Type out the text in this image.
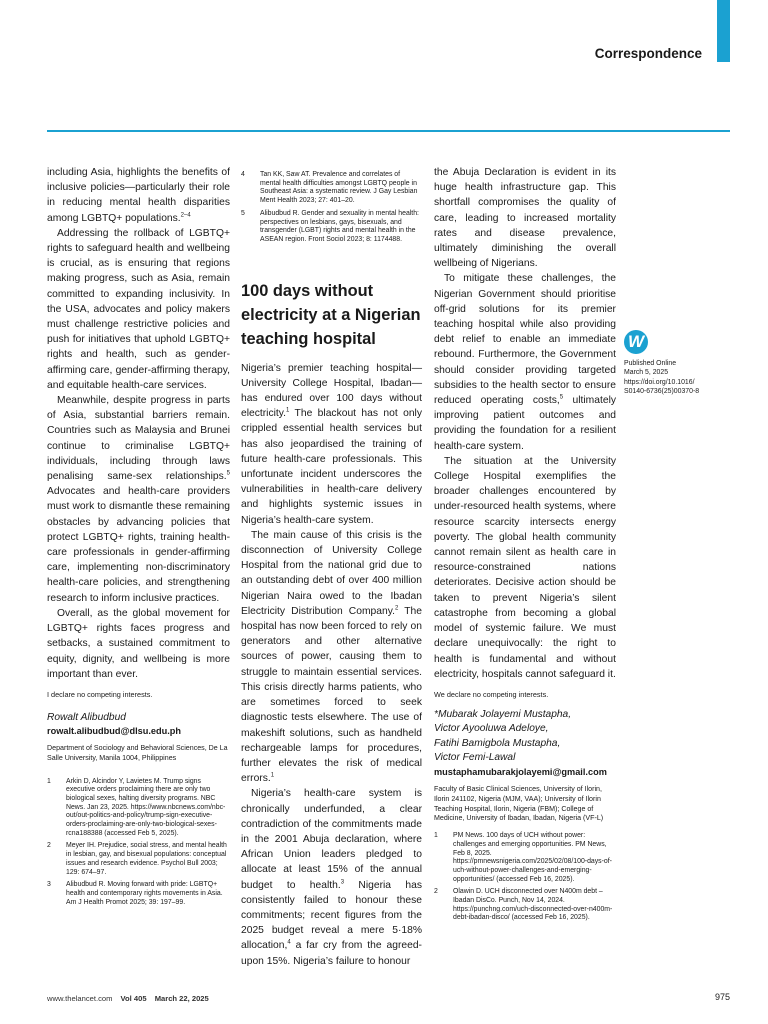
Correspondence

including Asia, highlights the benefits of inclusive policies—particularly their role in reducing mental health disparities among LGBTQ+ populations.$^{2-4}$

Addressing the rollback of LGBTQ+ rights to safeguard health and wellbeing is crucial, as is ensuring that regions making progress, such as Asia, remain committed to expanding inclusivity. In the USA, advocates and policy makers must challenge restrictive policies and push for initiatives that uphold LGBTQ+ rights and health, such as gender-affirming care, gender-affirming therapy, and equitable health-care services.

Meanwhile, despite progress in parts of Asia, substantial barriers remain. Countries such as Malaysia and Brunei continue to criminalise LGBTQ+ individuals, including through laws penalising same-sex relationships.$^5$ Advocates and health-care providers must work to dismantle these remaining obstacles by advancing policies that protect LGBTQ+ rights, training health-care professionals in gender-affirming care, implementing non-discriminatory health-care policies, and strengthening research to inform inclusive practices.

Overall, as the global movement for LGBTQ+ rights faces progress and setbacks, a sustained commitment to equity, dignity, and wellbeing is more important than ever.

I declare no competing interests.

Rowalt Alibudbud

rowalt.alibudbud@dlsu.edu.ph

Department of Sociology and Behavioral Sciences, De La Salle University, Manila 1004, Philippines

1 Arkin D, Alcindor Y, Lavietes M. Trump signs executive orders proclaiming there are only two biological sexes, halting diversity programs. NBC News. Jan 23, 2025. https://www.nbcnews.com/nbc-out/out-politics-and-policy/trump-sign-executive-orders-proclaiming-are-only-two-biological-sexes-rcna188388 (accessed Feb 5, 2025).
2 Meyer IH. Prejudice, social stress, and mental health in lesbian, gay, and bisexual populations: conceptual issues and research evidence. Psychol Bull 2003; 129: 674–97.
3 Alibudbud R. Moving forward with pride: LGBTQ+ health and contemporary rights movements in Asia. Am J Health Promot 2025; 39: 197–99.
4 Tan KK, Saw AT. Prevalence and correlates of mental health difficulties amongst LGBTQ people in Southeast Asia: a systematic review. J Gay Lesbian Ment Health 2023; 27: 401–20.
5 Alibudbud R. Gender and sexuality in mental health: perspectives on lesbians, gays, bisexuals, and transgender (LGBT) rights and mental health in the ASEAN region. Front Sociol 2023; 8: 1174488.
100 days without electricity at a Nigerian teaching hospital

Nigeria’s premier teaching hospital—University College Hospital, Ibadan—has endured over 100 days without electricity.$^1$ The blackout has not only crippled essential health services but has also jeopardised the training of future health-care professionals. This unfortunate incident underscores the vulnerabilities in health-care delivery and highlights systemic issues in Nigeria’s health-care system.

The main cause of this crisis is the disconnection of University College Hospital from the national grid due to an outstanding debt of over 400 million Nigerian Naira owed to the Ibadan Electricity Distribution Company.$^2$ The hospital has now been forced to rely on generators and other alternative sources of power, causing them to struggle to maintain essential services. This crisis directly harms patients, who are sometimes forced to seek diagnostic tests elsewhere. The use of makeshift solutions, such as handheld rechargeable lamps for procedures, further elevates the risk of medical errors.$^1$

Nigeria’s health-care system is chronically underfunded, a clear contradiction of the commitments made in the 2001 Abuja declaration, where African Union leaders pledged to allocate at least 15% of the annual budget to health.$^3$ Nigeria has consistently failed to honour these commitments; recent figures from the 2025 budget reveal a mere 5·18% allocation,$^4$ a far cry from the agreed-upon 15%. Nigeria’s failure to honour

the Abuja Declaration is evident in its huge health infrastructure gap. This shortfall compromises the quality of care, leading to increased mortality rates and disease prevalence, ultimately diminishing the overall wellbeing of Nigerians.

To mitigate these challenges, the Nigerian Government should prioritise off-grid solutions for its premier teaching hospital while also providing debt relief to enable an immediate rebound. Furthermore, the Government should consider providing targeted subsidies to the health sector to ensure reduced operating costs,$^5$ ultimately improving patient outcomes and providing the foundation for a resilient health-care system.

The situation at the University College Hospital exemplifies the broader challenges encountered by under-resourced health systems, where resource scarcity intersects energy poverty. The global health community cannot remain silent as health care in resource-constrained nations deteriorates. Decisive action should be taken to prevent Nigeria’s silent catastrophe from becoming a global model of systemic failure. We must declare unequivocally: the right to health is fundamental and without electricity, hospitals cannot safeguard it.

We declare no competing interests.

*Mubarak Jolayemi Mustapha,
Victor Ayooluwa Adeloye,
Fatihi Bamigbola Mustapha,
Victor Femi-Lawal

mustaphamubarakjolayemi@gmail.com

Faculty of Basic Clinical Sciences, University of Ilorin, Ilorin 241102, Nigeria (MJM, VAA); University of Ilorin Teaching Hospital, Ilorin, Nigeria (FBM); College of Medicine, University of Ibadan, Ibadan, Nigeria (VF-L)

1 PM News. 100 days of UCH without power: challenges and emerging opportunities. PM News, Feb 8, 2025. https://pmnewsnigeria.com/2025/02/08/100-days-of-uch-without-power-challenges-and-emerging-opportunities/ (accessed Feb 16, 2025).
2 Olawin D. UCH disconnected over N400m debt – Ibadan DisCo. Punch, Nov 14, 2024. https://punchng.com/uch-disconnected-over-n400m-debt-ibadan-disco/ (accessed Feb 16, 2025).
W

Published Online
March 5, 2025
https://doi.org/10.1016/
S0140-6736(25)00370-8

www.thelancet.com Vol 405 March 22, 2025	975
